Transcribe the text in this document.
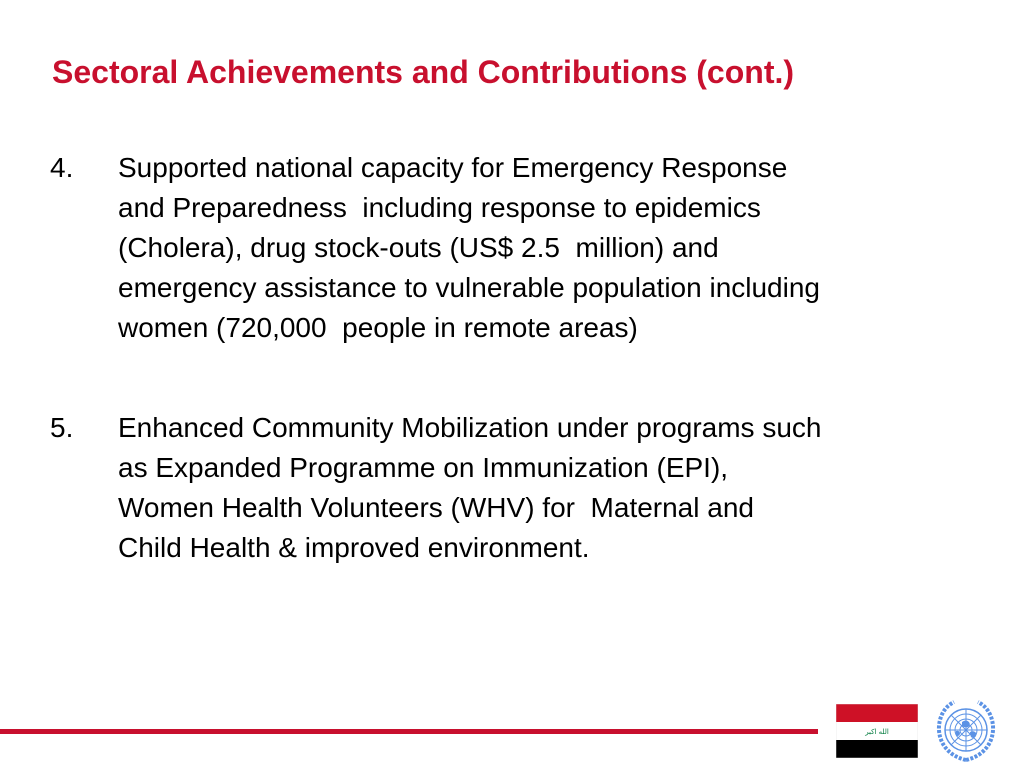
Sectoral Achievements and Contributions (cont.)
4.	Supported national capacity for Emergency Response
and Preparedness  including response to epidemics
(Cholera), drug stock-outs (US$ 2.5  million) and
emergency assistance to vulnerable population including
women (720,000  people in remote areas)
5.	Enhanced Community Mobilization under programs such
as Expanded Programme on Immunization (EPI),
Women Health Volunteers (WHV) for  Maternal and
Child Health & improved environment.
الله اكبر
